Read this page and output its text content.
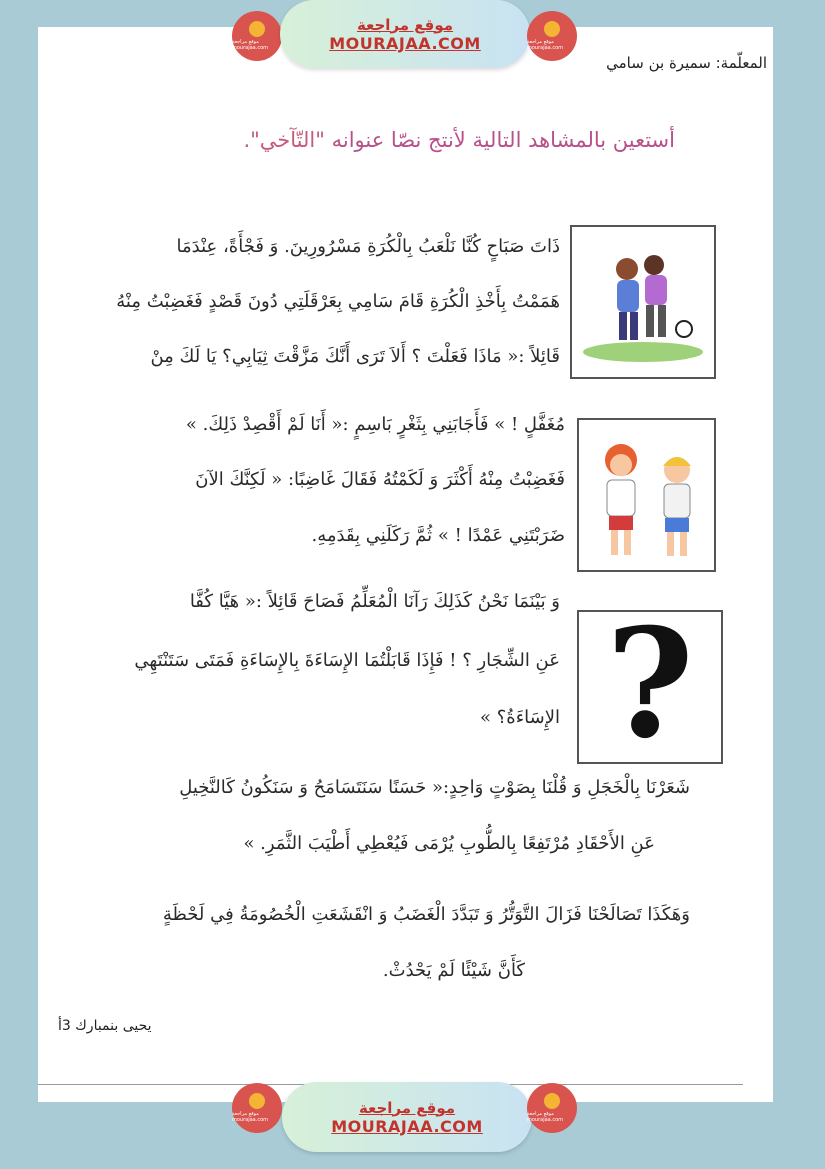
موقع مراجعة mourajaa.com
موقع مراجعة
MOURAJAA.COM	موقع مراجعة mourajaa.com
المعلّمة: سميرة بن سامي
أستعين بالمشاهد التالية لأنتج نصّا عنوانه "التّآخي".
?
ذَاتَ صَبَاحٍ كُنَّا نَلْعَبُ بِالْكُرَةِ مَسْرُورِينَ. وَ فَجْأَةً، عِنْدَمَا
هَمَمْتُ بِأَخْذِ الْكُرَةِ قَامَ سَامِي بِعَرْقَلَتِي دُونَ قَصْدٍ فَغَضِبْتُ مِنْهُ
قَائِلاً :« مَاذَا فَعَلْتَ ؟ أَلاَ تَرَى أَنَّكَ مَزَّقْتَ ثِيَابِي؟ يَا لَكَ مِنْ
مُغَفَّلٍ ! » فَأَجَابَنِي بِثَغْرٍ بَاسِمٍ :« أَنَا لَمْ أَقْصِدْ ذَلِكَ. »
فَغَضِبْتُ مِنْهُ أَكْثَرَ وَ لَكَمْتُهُ فَقَالَ غَاضِبًا: « لَكِنَّكَ الآنَ
ضَرَبْتَنِي عَمْدًا ! » ثُمَّ رَكَلَنِي بِقَدَمِهِ.
وَ بَيْنَمَا نَحْنُ كَذَلِكَ رَآنَا الْمُعَلِّمُ فَصَاحَ قَائِلاً :« هَيَّا كُفَّا
عَنِ الشِّجَارِ ؟ ! فَإِذَا قَابَلْتُمَا الإِسَاءَةَ بِالإِسَاءَةِ فَمَتَى سَتَنْتَهِي
الإِسَاءَةُ؟ »
شَعَرْنَا بِالْخَجَلِ وَ قُلْنَا بِصَوْتٍ وَاحِدٍ:« حَسَنًا سَنَتَسَامَحُ وَ سَنَكُونُ كَالنَّخِيلِ
عَنِ الأَحْقَادِ مُرْتَفِعًا بِالطُّوبِ يُرْمَى فَيُعْطِي أَطْيَبَ الثَّمَرِ. »
وَهَكَذَا تَصَالَحْنَا فَزَالَ التَّوَتُّرُ وَ تَبَدَّدَ الْغَضَبُ وَ انْقَشَعَتِ الْخُصُومَةُ فِي لَحْظَةٍ
كَأَنَّ شَيْئًا لَمْ يَحْدُثْ.
يحيى بنمبارك 3أ
موقع مراجعة mourajaa.com
موقع مراجعة
MOURAJAA.COM
موقع مراجعة mourajaa.com
